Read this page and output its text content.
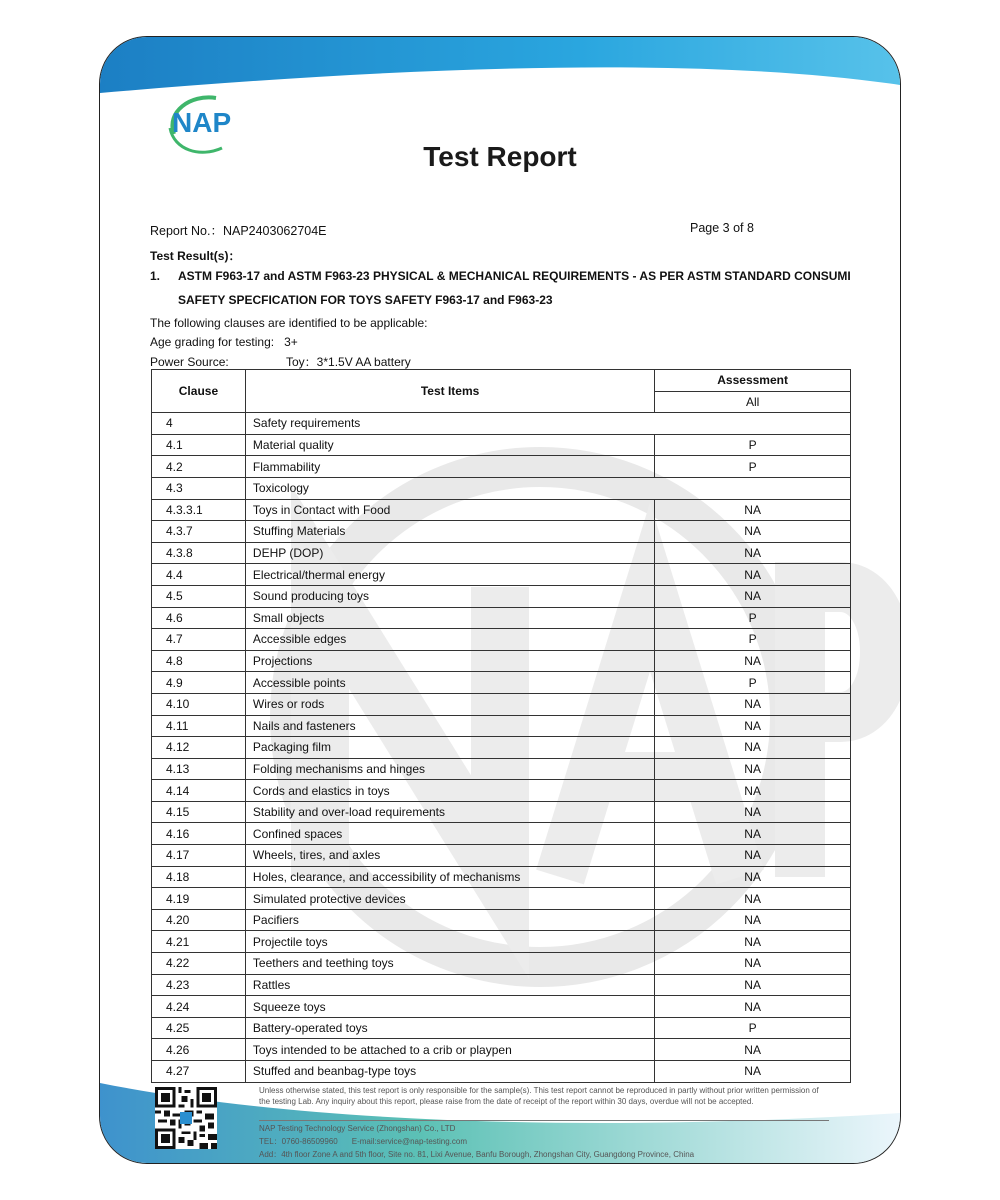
NAP
Test Report
Report No.：NAP2403062704E	Page 3 of 8
Test Result(s)：
1. ASTM F963-17 and ASTM F963-23 PHYSICAL & MECHANICAL REQUIREMENTS - AS PER ASTM STANDARD CONSUMI
SAFETY SPECFICATION FOR TOYS SAFETY F963-17 and F963-23
The following clauses are identified to be applicable:
Age grading for testing: 3+
Power Source:	Toy：3*1.5V AA battery
Clause	Test Items	Assessment
		All
4	Safety requirements	
4.1	Material quality	P
4.2	Flammability	P
4.3	Toxicology	
4.3.3.1	Toys in Contact with Food	NA
4.3.7	Stuffing Materials	NA
4.3.8	DEHP (DOP)	NA
4.4	Electrical/thermal energy	NA
4.5	Sound producing toys	NA
4.6	Small objects	P
4.7	Accessible edges	P
4.8	Projections	NA
4.9	Accessible points	P
4.10	Wires or rods	NA
4.11	Nails and fasteners	NA
4.12	Packaging film	NA
4.13	Folding mechanisms and hinges	NA
4.14	Cords and elastics in toys	NA
4.15	Stability and over-load requirements	NA
4.16	Confined spaces	NA
4.17	Wheels, tires, and axles	NA
4.18	Holes, clearance, and accessibility of mechanisms	NA
4.19	Simulated protective devices	NA
4.20	Pacifiers	NA
4.21	Projectile toys	NA
4.22	Teethers and teething toys	NA
4.23	Rattles	NA
4.24	Squeeze toys	NA
4.25	Battery-operated toys	P
4.26	Toys intended to be attached to a crib or playpen	NA
4.27	Stuffed and beanbag-type toys	NA
Unless otherwise stated, this test report is only responsible for the sample(s). This test report cannot be reproduced in partly without prior written permission of the testing Lab. Any inquiry about this report, please raise from the date of receipt of the report within 30 days, overdue will not be accepted.
NAP Testing Technology Service (Zhongshan) Co., LTD
TEL：0760-86509960 E-mail:service@nap-testing.com
Add：4th floor Zone A and 5th floor, Site no. 81, Lixi Avenue, Banfu Borough, Zhongshan City, Guangdong Province, China
